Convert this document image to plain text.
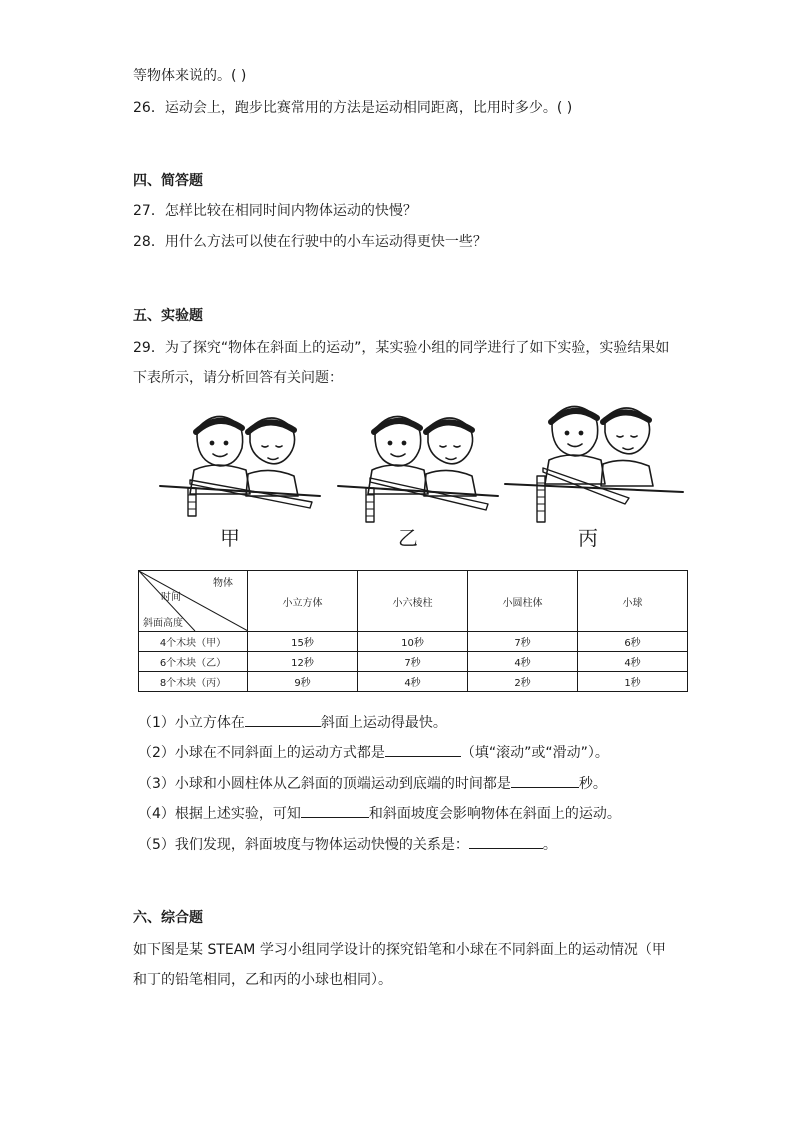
等物体来说的。( )
26．运动会上，跑步比赛常用的方法是运动相同距离，比用时多少。( )
四、简答题
27．怎样比较在相同时间内物体运动的快慢？
28．用什么方法可以使在行驶中的小车运动得更快一些？
五、实验题
29．为了探究“物体在斜面上的运动”，某实验小组的同学进行了如下实验，实验结果如
下表所示，请分析回答有关问题：
甲	乙	丙
物体
时间
斜面高度	小立方体	小六棱柱	小圆柱体	小球
4个木块（甲）	15秒	10秒	7秒	6秒
6个木块（乙）	12秒	7秒	4秒	4秒
8个木块（丙）	9秒	4秒	2秒	1秒
（1）小立方体在	斜面上运动得最快。
（2）小球在不同斜面上的运动方式都是	（填“滚动”或“滑动”）。
（3）小球和小圆柱体从乙斜面的顶端运动到底端的时间都是	秒。
（4）根据上述实验，可知	和斜面坡度会影响物体在斜面上的运动。
（5）我们发现，斜面坡度与物体运动快慢的关系是：	。
六、综合题
如下图是某 STEAM 学习小组同学设计的探究铅笔和小球在不同斜面上的运动情况（甲
和丁的铅笔相同，乙和丙的小球也相同）。
